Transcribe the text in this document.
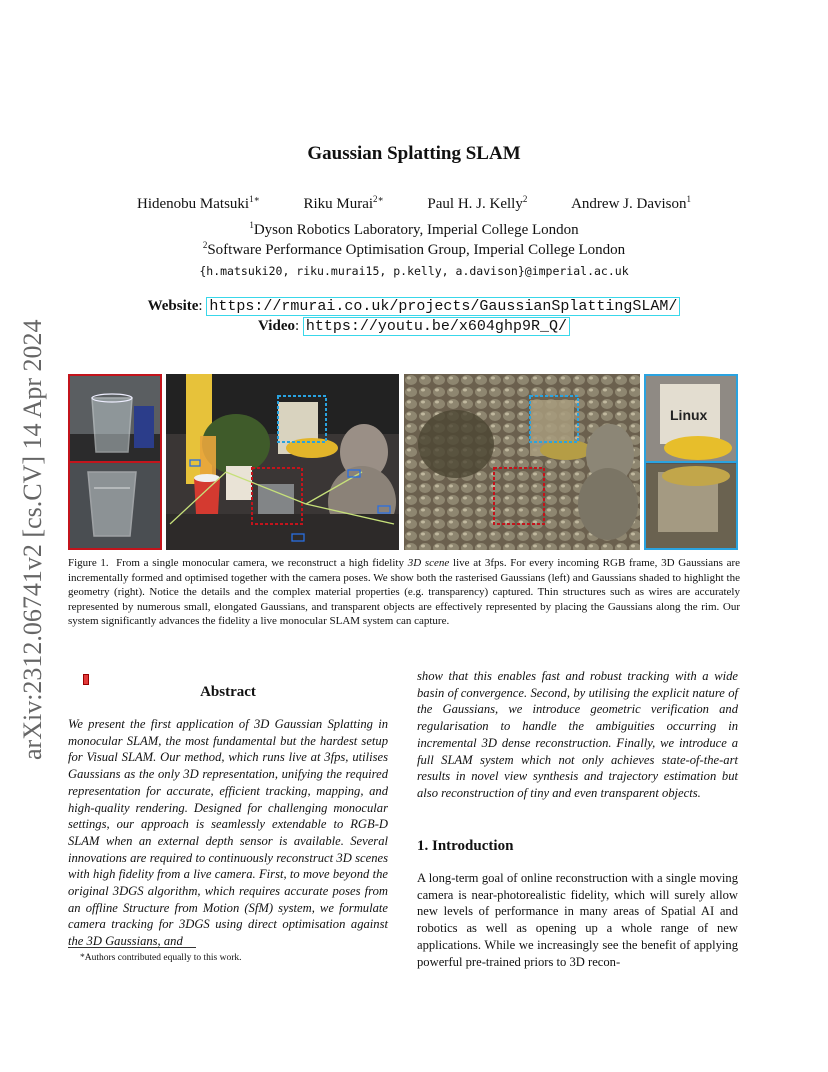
arXiv:2312.06741v2 [cs.CV] 14 Apr 2024
Gaussian Splatting SLAM
Hidenobu Matsuki$^{1∗}$	Riku Murai$^{2∗}$	Paul H. J. Kelly$^2$	Andrew J. Davison$^1$
$^1$Dyson Robotics Laboratory, Imperial College London
$^2$Software Performance Optimisation Group, Imperial College London
{h.matsuki20, riku.murai15, p.kelly, a.davison}@imperial.ac.uk
Website: https://rmurai.co.uk/projects/GaussianSplattingSLAM/
Video: https://youtu.be/x604ghp9R_Q/
Linux
Figure 1. From a single monocular camera, we reconstruct a high fidelity 3D scene live at 3fps. For every incoming RGB frame, 3D Gaussians are incrementally formed and optimised together with the camera poses. We show both the rasterised Gaussians (left) and Gaussians shaded to highlight the geometry (right). Notice the details and the complex material properties (e.g. transparency) captured. Thin structures such as wires are accurately represented by numerous small, elongated Gaussians, and transparent objects are effectively represented by placing the Gaussians along the rim. Our system significantly advances the fidelity a live monocular SLAM system can capture.
Abstract
We present the first application of 3D Gaussian Splatting in monocular SLAM, the most fundamental but the hardest setup for Visual SLAM. Our method, which runs live at 3fps, utilises Gaussians as the only 3D representation, unifying the required representation for accurate, efficient tracking, mapping, and high-quality rendering. Designed for challenging monocular settings, our approach is seamlessly extendable to RGB-D SLAM when an external depth sensor is available. Several innovations are required to continuously reconstruct 3D scenes with high fidelity from a live camera. First, to move beyond the original 3DGS algorithm, which requires accurate poses from an offline Structure from Motion (SfM) system, we formulate camera tracking for 3DGS using direct optimisation against the 3D Gaussians, and
*Authors contributed equally to this work.
show that this enables fast and robust tracking with a wide basin of convergence. Second, by utilising the explicit nature of the Gaussians, we introduce geometric verification and regularisation to handle the ambiguities occurring in incremental 3D dense reconstruction. Finally, we introduce a full SLAM system which not only achieves state-of-the-art results in novel view synthesis and trajectory estimation but also reconstruction of tiny and even transparent objects.
1. Introduction
A long-term goal of online reconstruction with a single moving camera is near-photorealistic fidelity, which will surely allow new levels of performance in many areas of Spatial AI and robotics as well as opening up a whole range of new applications. While we increasingly see the benefit of applying powerful pre-trained priors to 3D recon-
